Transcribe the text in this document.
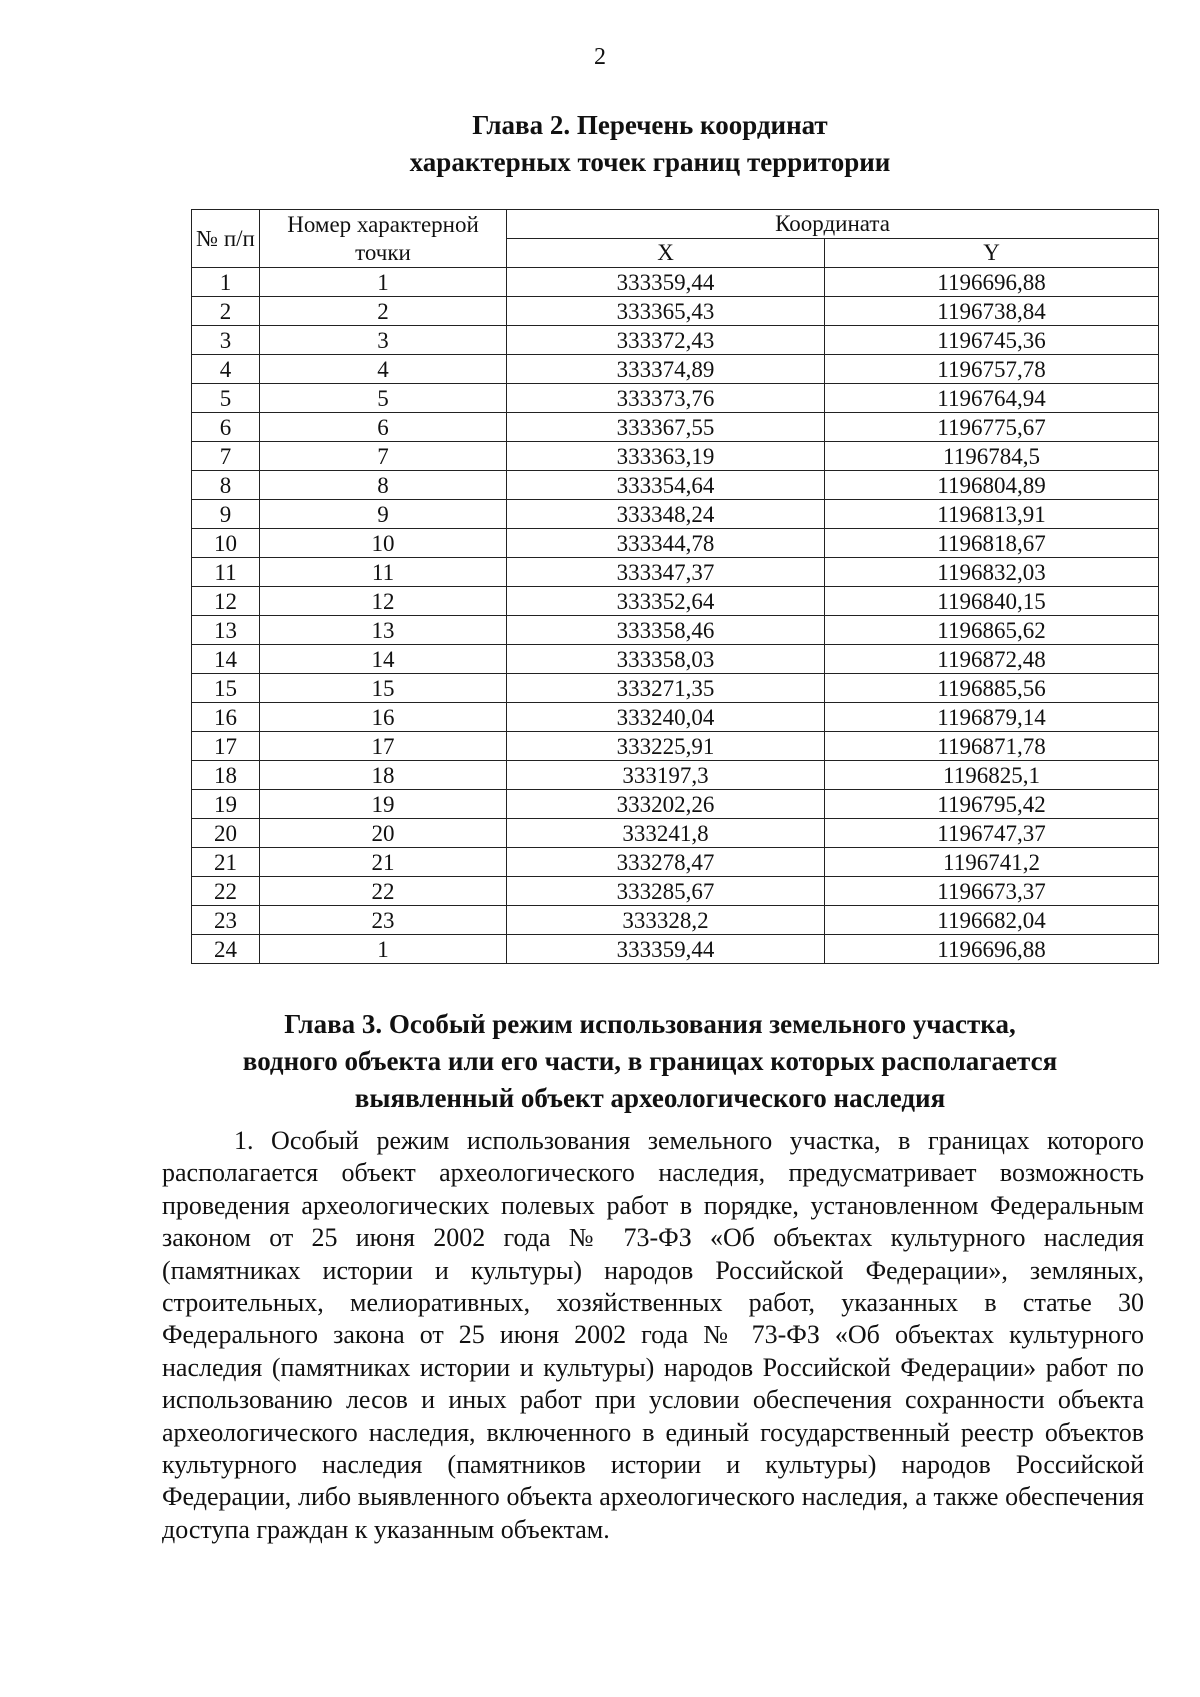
2
Глава 2. Перечень координат
характерных точек границ территории
№ п/п	Номер характерной точки	Координата	
		X	Y
1	1	333359,44	1196696,88
2	2	333365,43	1196738,84
3	3	333372,43	1196745,36
4	4	333374,89	1196757,78
5	5	333373,76	1196764,94
6	6	333367,55	1196775,67
7	7	333363,19	1196784,5
8	8	333354,64	1196804,89
9	9	333348,24	1196813,91
10	10	333344,78	1196818,67
11	11	333347,37	1196832,03
12	12	333352,64	1196840,15
13	13	333358,46	1196865,62
14	14	333358,03	1196872,48
15	15	333271,35	1196885,56
16	16	333240,04	1196879,14
17	17	333225,91	1196871,78
18	18	333197,3	1196825,1
19	19	333202,26	1196795,42
20	20	333241,8	1196747,37
21	21	333278,47	1196741,2
22	22	333285,67	1196673,37
23	23	333328,2	1196682,04
24	1	333359,44	1196696,88
Глава 3. Особый режим использования земельного участка,
водного объекта или его части, в границах которых располагается
выявленный объект археологического наследия

1. Особый режим использования земельного участка, в границах которого располагается объект археологического наследия, предусматривает возможность проведения археологических полевых работ в порядке, установленном Федеральным законом от 25 июня 2002 года № 73-ФЗ «Об объектах культурного наследия (памятниках истории и культуры) народов Российской Федерации», земляных, строительных, мелиоративных, хозяйственных работ, указанных в статье 30 Федерального закона от 25 июня 2002 года № 73-ФЗ «Об объектах культурного наследия (памятниках истории и культуры) народов Российской Федерации» работ по использованию лесов и иных работ при условии обеспечения сохранности объекта археологического наследия, включенного в единый государственный реестр объектов культурного наследия (памятников истории и культуры) народов Российской Федерации, либо выявленного объекта археологического наследия, а также обеспечения доступа граждан к указанным объектам.
